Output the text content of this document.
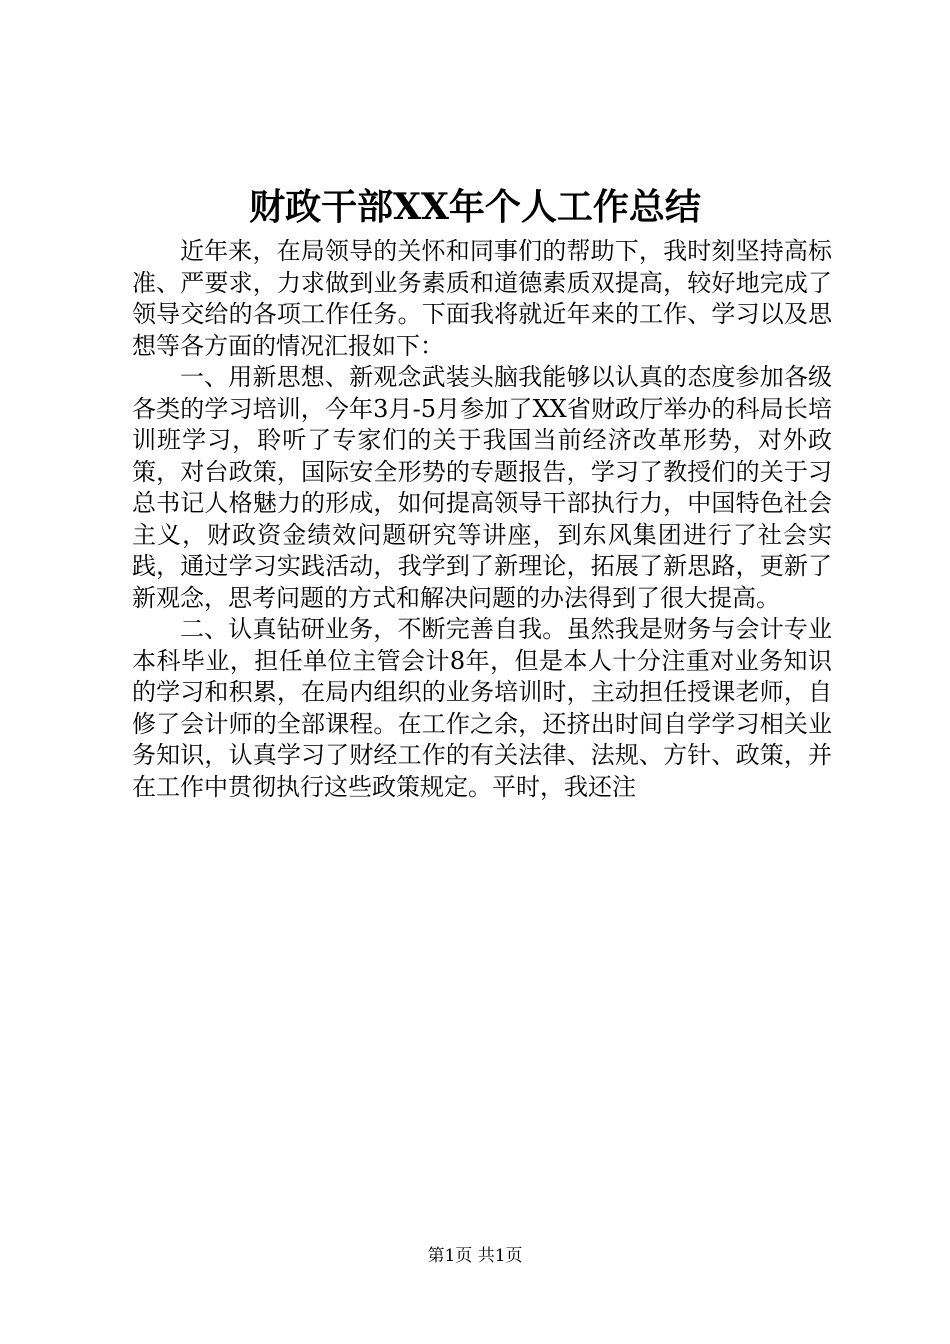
财政干部XX年个人工作总结

近年来，在局领导的关怀和同事们的帮助下，我时刻坚持高标准、严要求，力求做到业务素质和道德素质双提高，较好地完成了领导交给的各项工作任务。下面我将就近年来的工作、学习以及思想等各方面的情况汇报如下：

一、用新思想、新观念武装头脑我能够以认真的态度参加各级各类的学习培训，今年3月-5月参加了XX省财政厅举办的科局长培训班学习，聆听了专家们的关于我国当前经济改革形势，对外政策，对台政策，国际安全形势的专题报告，学习了教授们的关于习总书记人格魅力的形成，如何提高领导干部执行力，中国特色社会主义，财政资金绩效问题研究等讲座，到东风集团进行了社会实践，通过学习实践活动，我学到了新理论，拓展了新思路，更新了新观念，思考问题的方式和解决问题的办法得到了很大提高。

二、认真钻研业务，不断完善自我。虽然我是财务与会计专业本科毕业，担任单位主管会计8年，但是本人十分注重对业务知识的学习和积累，在局内组织的业务培训时，主动担任授课老师，自修了会计师的全部课程。在工作之余，还挤出时间自学学习相关业务知识，认真学习了财经工作的有关法律、法规、方针、政策，并在工作中贯彻执行这些政策规定。平时，我还注

第1页 共1页
